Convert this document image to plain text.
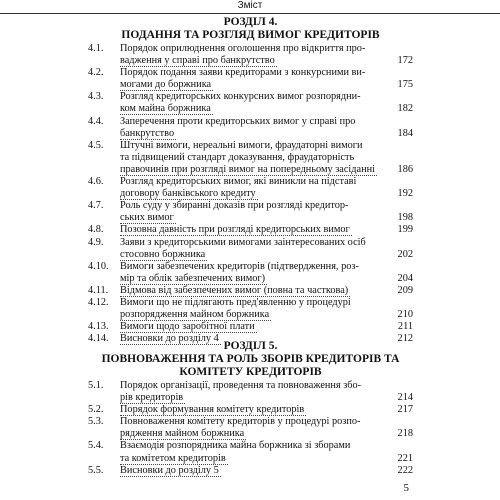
Зміст
РОЗДІЛ 4.
ПОДАННЯ ТА РОЗГЛЯД ВИМОГ КРЕДИТОРІВ
4.1. Порядок оприлюднення оголошення про відкриття про-
вадження у справі про банкрутство	172
4.2. Порядок подання заяви кредиторами з конкурсними ви-
могами до боржника	175
4.3. Розгляд кредиторських конкурсних вимог розпорядни-
ком майна боржника	182
4.4. Заперечення проти кредиторських вимог у справі про
банкрутство	184
4.5. Штучні вимоги, нереальні вимоги, фраудаторні вимоги
та підвищений стандарт доказування, фраудаторність
правочинів при розгляді вимог на попередньому засіданні	186
4.6. Розгляд кредиторських вимог, які виникли на підставі
договору банківського кредиту	192
4.7. Роль суду у збиранні доказів при розгляді кредитор-
ських вимог	198
4.8. Позовна давність при розгляді кредиторських вимог	199
4.9. Заяви з кредиторськими вимогами заінтересованих осіб
стосовно боржника	202
4.10. Вимоги забезпечених кредиторів (підтвердження, роз-
мір та облік забезпечених вимог)	204
4.11. Відмова від забезпечених вимог (повна та часткова)	209
4.12. Вимоги що не підлягають пред'явленню у процедурі
розпорядження майном боржника	210
4.13. Вимоги щодо заробітної плати	211
4.14. Висновки до розділу 4	212
РОЗДІЛ 5.
ПОВНОВАЖЕННЯ ТА РОЛЬ ЗБОРІВ КРЕДИТОРІВ ТА
КОМІТЕТУ КРЕДИТОРІВ
5.1. Порядок організації, проведення та повноваження збо-
рів кредиторів	214
5.2. Порядок формування комітету кредиторів	217
5.3. Повноваження комітету кредиторів у процедурі розпо-
рядження майном боржника	218
5.4. Взаємодія розпорядника майна боржника зі зборами
та комітетом кредиторів	221
5.5. Висновки до розділу 5	222
5
